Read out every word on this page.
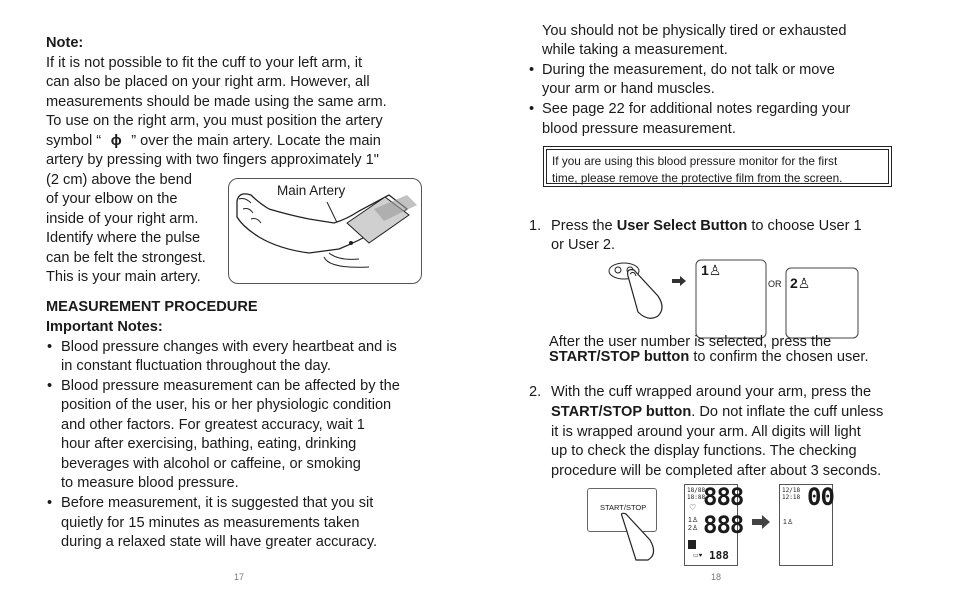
Note:
If it is not possible to fit the cuff to your left arm, it
can also be placed on your right arm. However, all
measurements should be made using the same arm.
To use on the right arm, you must position the artery
symbol “ ϕ ” over the main artery. Locate the main
artery by pressing with two fingers approximately 1"
(2 cm) above the bend
of your elbow on the
inside of your right arm.
Identify where the pulse
can be felt the strongest.
This is your main artery.
Main Artery
MEASUREMENT PROCEDURE
Important Notes:
• Blood pressure changes with every heartbeat and is
in constant fluctuation throughout the day.
• Blood pressure measurement can be affected by the
position of the user, his or her physiologic condition
and other factors. For greatest accuracy, wait 1
hour after exercising, bathing, eating, drinking
beverages with alcohol or caffeine, or smoking
to measure blood pressure.
• Before measurement, it is suggested that you sit
quietly for 15 minutes as measurements taken
during a relaxed state will have greater accuracy.
17
You should not be physically tired or exhausted
while taking a measurement.
• During the measurement, do not talk or move
your arm or hand muscles.
• See page 22 for additional notes regarding your
blood pressure measurement.
If you are using this blood pressure monitor for the first
time, please remove the protective film from the screen.
1. Press the User Select Button to choose User 1
or User 2.
1♙
OR 2♙
After the user number is selected, press the
START/STOP button to confirm the chosen user.
2. With the cuff wrapped around your arm, press the
START/STOP button. Do not inflate the cuff unless
it is wrapped around your arm. All digits will light
up to check the display functions. The checking
procedure will be completed after about 3 seconds.
START/STOP
18/88
18:88
888
888
1♙
2♙
♡
▭♥ 188
12/18
12:18 00
1♙
18
